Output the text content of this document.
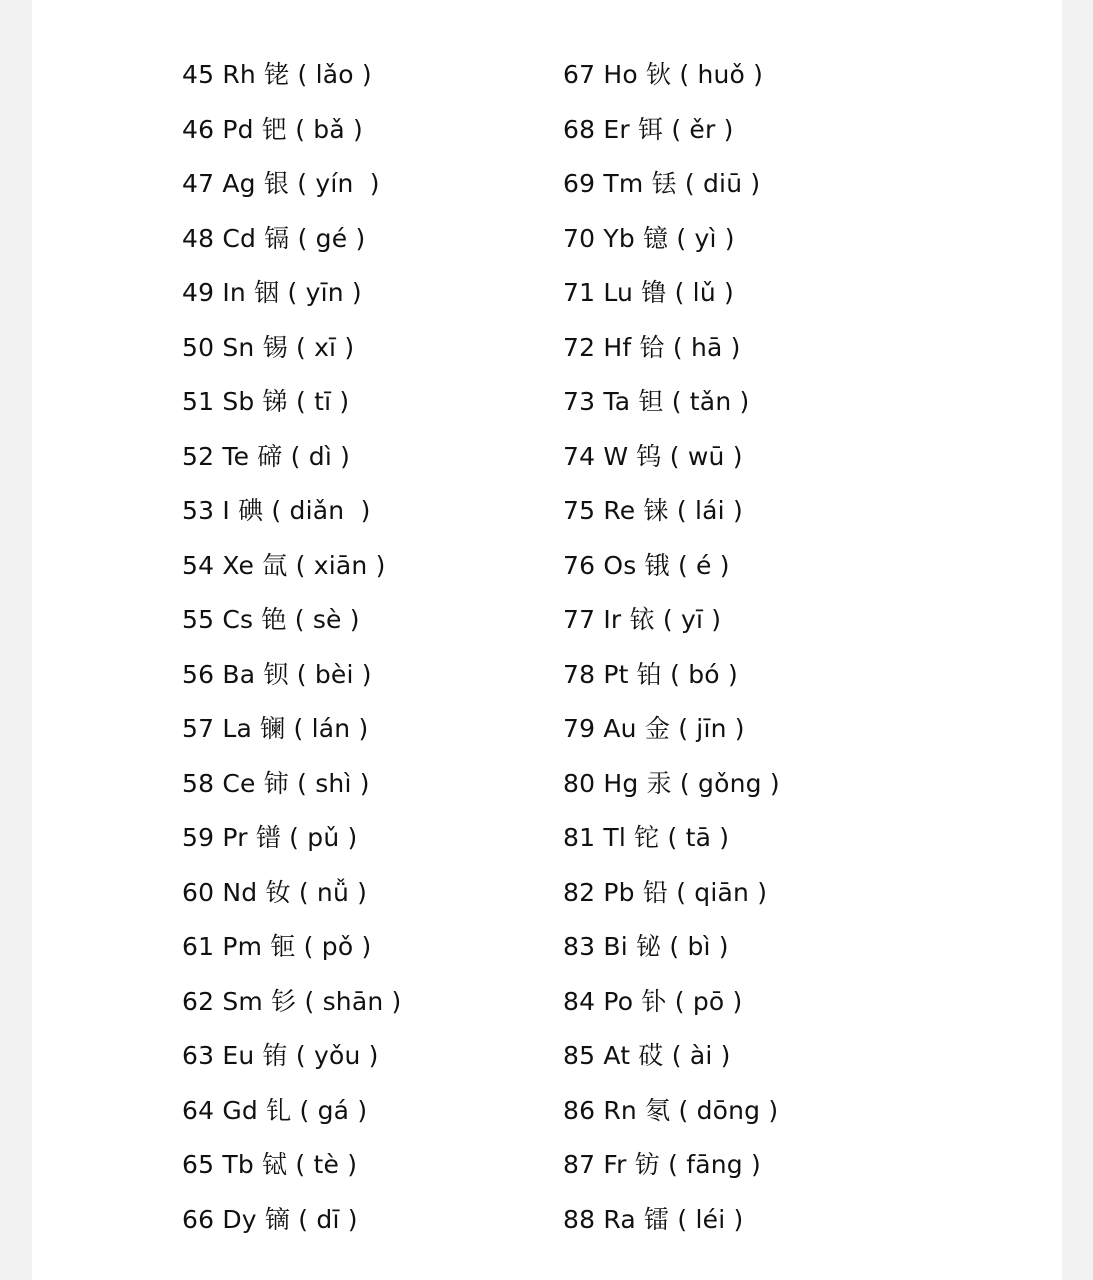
45 Rh 铑 ( lǎo )
46 Pd 钯 ( bǎ )
47 Ag 银 ( yín  )
48 Cd 镉 ( gé )
49 In 铟 ( yīn )
50 Sn 锡 ( xī )
51 Sb 锑 ( tī )
52 Te 碲 ( dì )
53 I 碘 ( diǎn  )
54 Xe 氙 ( xiān )
55 Cs 铯 ( sè )
56 Ba 钡 ( bèi )
57 La 镧 ( lán )
58 Ce 铈 ( shì )
59 Pr 镨 ( pǔ )
60 Nd 钕 ( nǚ )
61 Pm 钷 ( pǒ )
62 Sm 钐 ( shān )
63 Eu 铕 ( yǒu )
64 Gd 钆 ( gá )
65 Tb 铽 ( tè )
66 Dy 镝 ( dī )
67 Ho 钬 ( huǒ )
68 Er 铒 ( ěr )
69 Tm 铥 ( diū )
70 Yb 镱 ( yì )
71 Lu 镥 ( lǔ )
72 Hf 铪 ( hā )
73 Ta 钽 ( tǎn )
74 W 钨 ( wū )
75 Re 铼 ( lái )
76 Os 锇 ( é )
77 Ir 铱 ( yī )
78 Pt 铂 ( bó )
79 Au 金 ( jīn )
80 Hg 汞 ( gǒng )
81 Tl 铊 ( tā )
82 Pb 铅 ( qiān )
83 Bi 铋 ( bì )
84 Po 钋 ( pō )
85 At 砹 ( ài )
86 Rn 氡 ( dōng )
87 Fr 钫 ( fāng )
88 Ra 镭 ( léi )
